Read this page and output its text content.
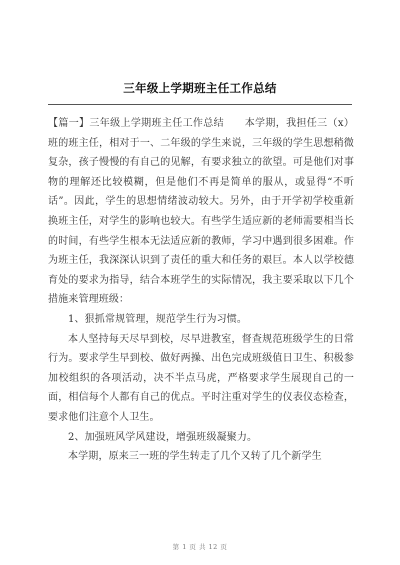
三年级上学期班主任工作总结

【篇一】三年级上学期班主任工作总结　　本学期，我担任三（x）班的班主任，相对于一、二年级的学生来说，三年级的学生思想稍微复杂，孩子慢慢的有自己的见解，有要求独立的欲望。可是他们对事物的理解还比较模糊，但是他们不再是简单的服从，或显得“不听话”。因此，学生的思想情绪波动较大。另外，由于开学初学校重新换班主任，对学生的影响也较大。有些学生适应新的老师需要相当长的时间，有些学生根本无法适应新的教师，学习中遇到很多困难。作为班主任，我深深认识到了责任的重大和任务的艰巨。本人以学校德育处的要求为指导，结合本班学生的实际情况，我主要采取以下几个措施来管理班级：

1、狠抓常规管理，规范学生行为习惯。

本人坚持每天尽早到校，尽早进教室，督查规范班级学生的日常行为。要求学生早到校、做好两操、出色完成班级值日卫生、积极参加校组织的各项活动，决不半点马虎，严格要求学生展现自己的一面，相信每个人都有自己的优点。平时注重对学生的仪表仪态检查，要求他们注意个人卫生。

2、加强班风学风建设，增强班级凝聚力。

本学期，原来三一班的学生转走了几个又转了几个新学生

第 1 页 共 12 页
